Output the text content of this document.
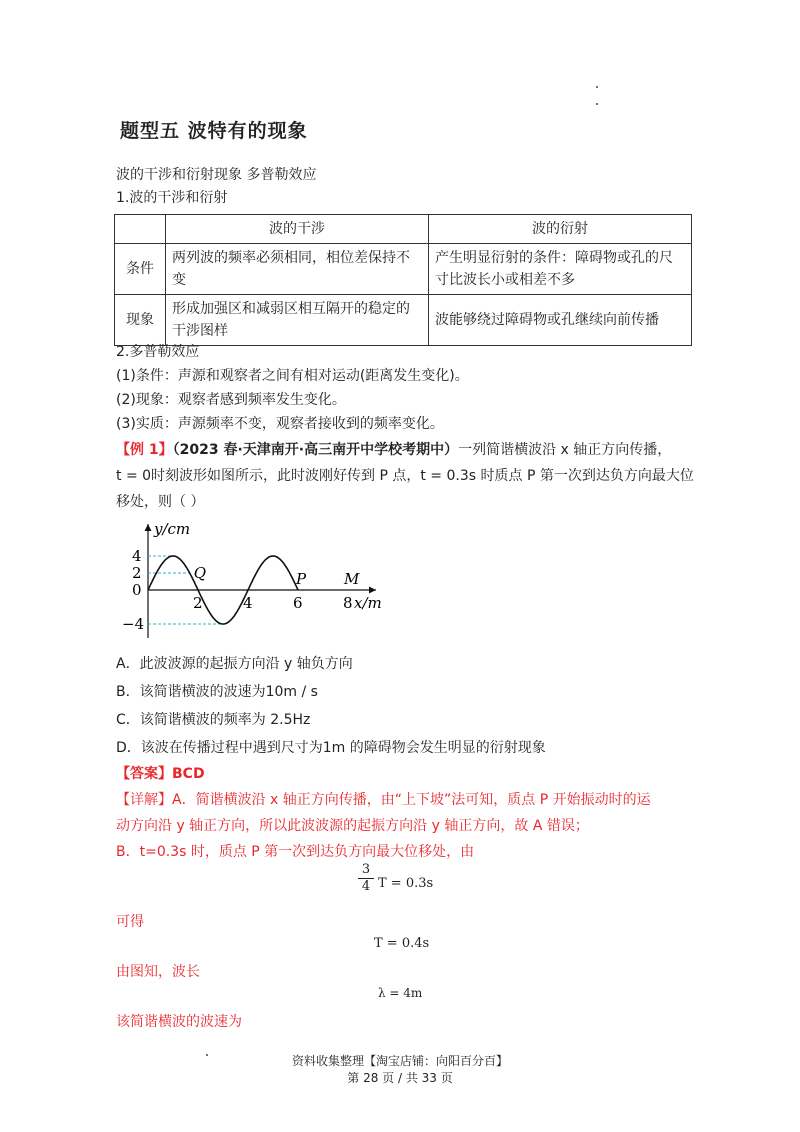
题型五 波特有的现象
波的干涉和衍射现象 多普勒效应
1.波的干涉和衍射
	波的干涉	波的衍射
条件	两列波的频率必须相同，相位差保持不变	产生明显衍射的条件：障碍物或孔的尺寸比波长小或相差不多
现象	形成加强区和减弱区相互隔开的稳定的干涉图样	波能够绕过障碍物或孔继续向前传播
2.多普勒效应
(1)条件：声源和观察者之间有相对运动(距离发生变化)。
(2)现象：观察者感到频率发生变化。
(3)实质：声源频率不变，观察者接收到的频率变化。
【例 1】（2023 春·天津南开·高三南开中学校考期中）一列简谐横波沿 x 轴正方向传播，
t = 0时刻波形如图所示，此时波刚好传到 P 点，t = 0.3s 时质点 P 第一次到达负方向最大位
移处，则（ ）
y/cm
x/m
4
2
0
−4
2	4	6	8
Q	P	M
A．此波波源的起振方向沿 y 轴负方向
B．该简谐横波的波速为10m / s
C．该简谐横波的频率为 2.5Hz
D．该波在传播过程中遇到尺寸为1m 的障碍物会发生明显的衍射现象
【答案】BCD
【详解】A．简谐横波沿 x 轴正方向传播，由“上下坡”法可知，质点 P 开始振动时的运
动方向沿 y 轴正方向，所以此波波源的起振方向沿 y 轴正方向，故 A 错误；
B．t=0.3s 时，质点 P 第一次到达负方向最大位移处，由
$\frac{3}{4}$ T = 0.3s
可得
T = 0.4s
由图知，波长
λ = 4m
该简谐横波的波速为
资料收集整理【淘宝店铺：向阳百分百】
第 28 页 / 共 33 页
